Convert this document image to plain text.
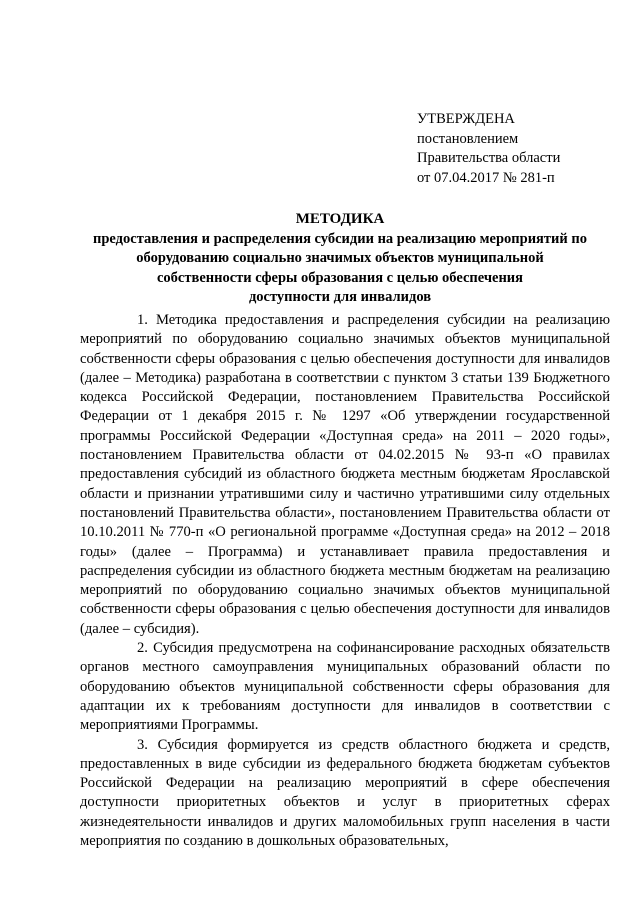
УТВЕРЖДЕНА
постановлением
Правительства области
от 07.04.2017 № 281-п
МЕТОДИКА
предоставления и распределения субсидии на реализацию мероприятий по
оборудованию социально значимых объектов муниципальной
собственности сферы образования с целью обеспечения
доступности для инвалидов

1. Методика предоставления и распределения субсидии на реализацию мероприятий по оборудованию социально значимых объектов муниципальной собственности сферы образования с целью обеспечения доступности для инвалидов (далее – Методика) разработана в соответствии с пунктом 3 статьи 139 Бюджетного кодекса Российской Федерации, постановлением Правительства Российской Федерации от 1 декабря 2015 г. № 1297 «Об утверждении государственной программы Российской Федерации «Доступная среда» на 2011 – 2020 годы», постановлением Правительства области от 04.02.2015 № 93-п «О правилах предоставления субсидий из областного бюджета местным бюджетам Ярославской области и признании утратившими силу и частично утратившими силу отдельных постановлений Правительства области», постановлением Правительства области от 10.10.2011 № 770-п «О региональной программе «Доступная среда» на 2012 – 2018 годы» (далее – Программа) и устанавливает правила предоставления и распределения субсидии из областного бюджета местным бюджетам на реализацию мероприятий по оборудованию социально значимых объектов муниципальной собственности сферы образования с целью обеспечения доступности для инвалидов (далее – субсидия).

2. Субсидия предусмотрена на софинансирование расходных обязательств органов местного самоуправления муниципальных образований области по оборудованию объектов муниципальной собственности сферы образования для адаптации их к требованиям доступности для инвалидов в соответствии с мероприятиями Программы.

3. Субсидия формируется из средств областного бюджета и средств, предоставленных в виде субсидии из федерального бюджета бюджетам субъектов Российской Федерации на реализацию мероприятий в сфере обеспечения доступности приоритетных объектов и услуг в приоритетных сферах жизнедеятельности инвалидов и других маломобильных групп населения в части мероприятия по созданию в дошкольных образовательных,
